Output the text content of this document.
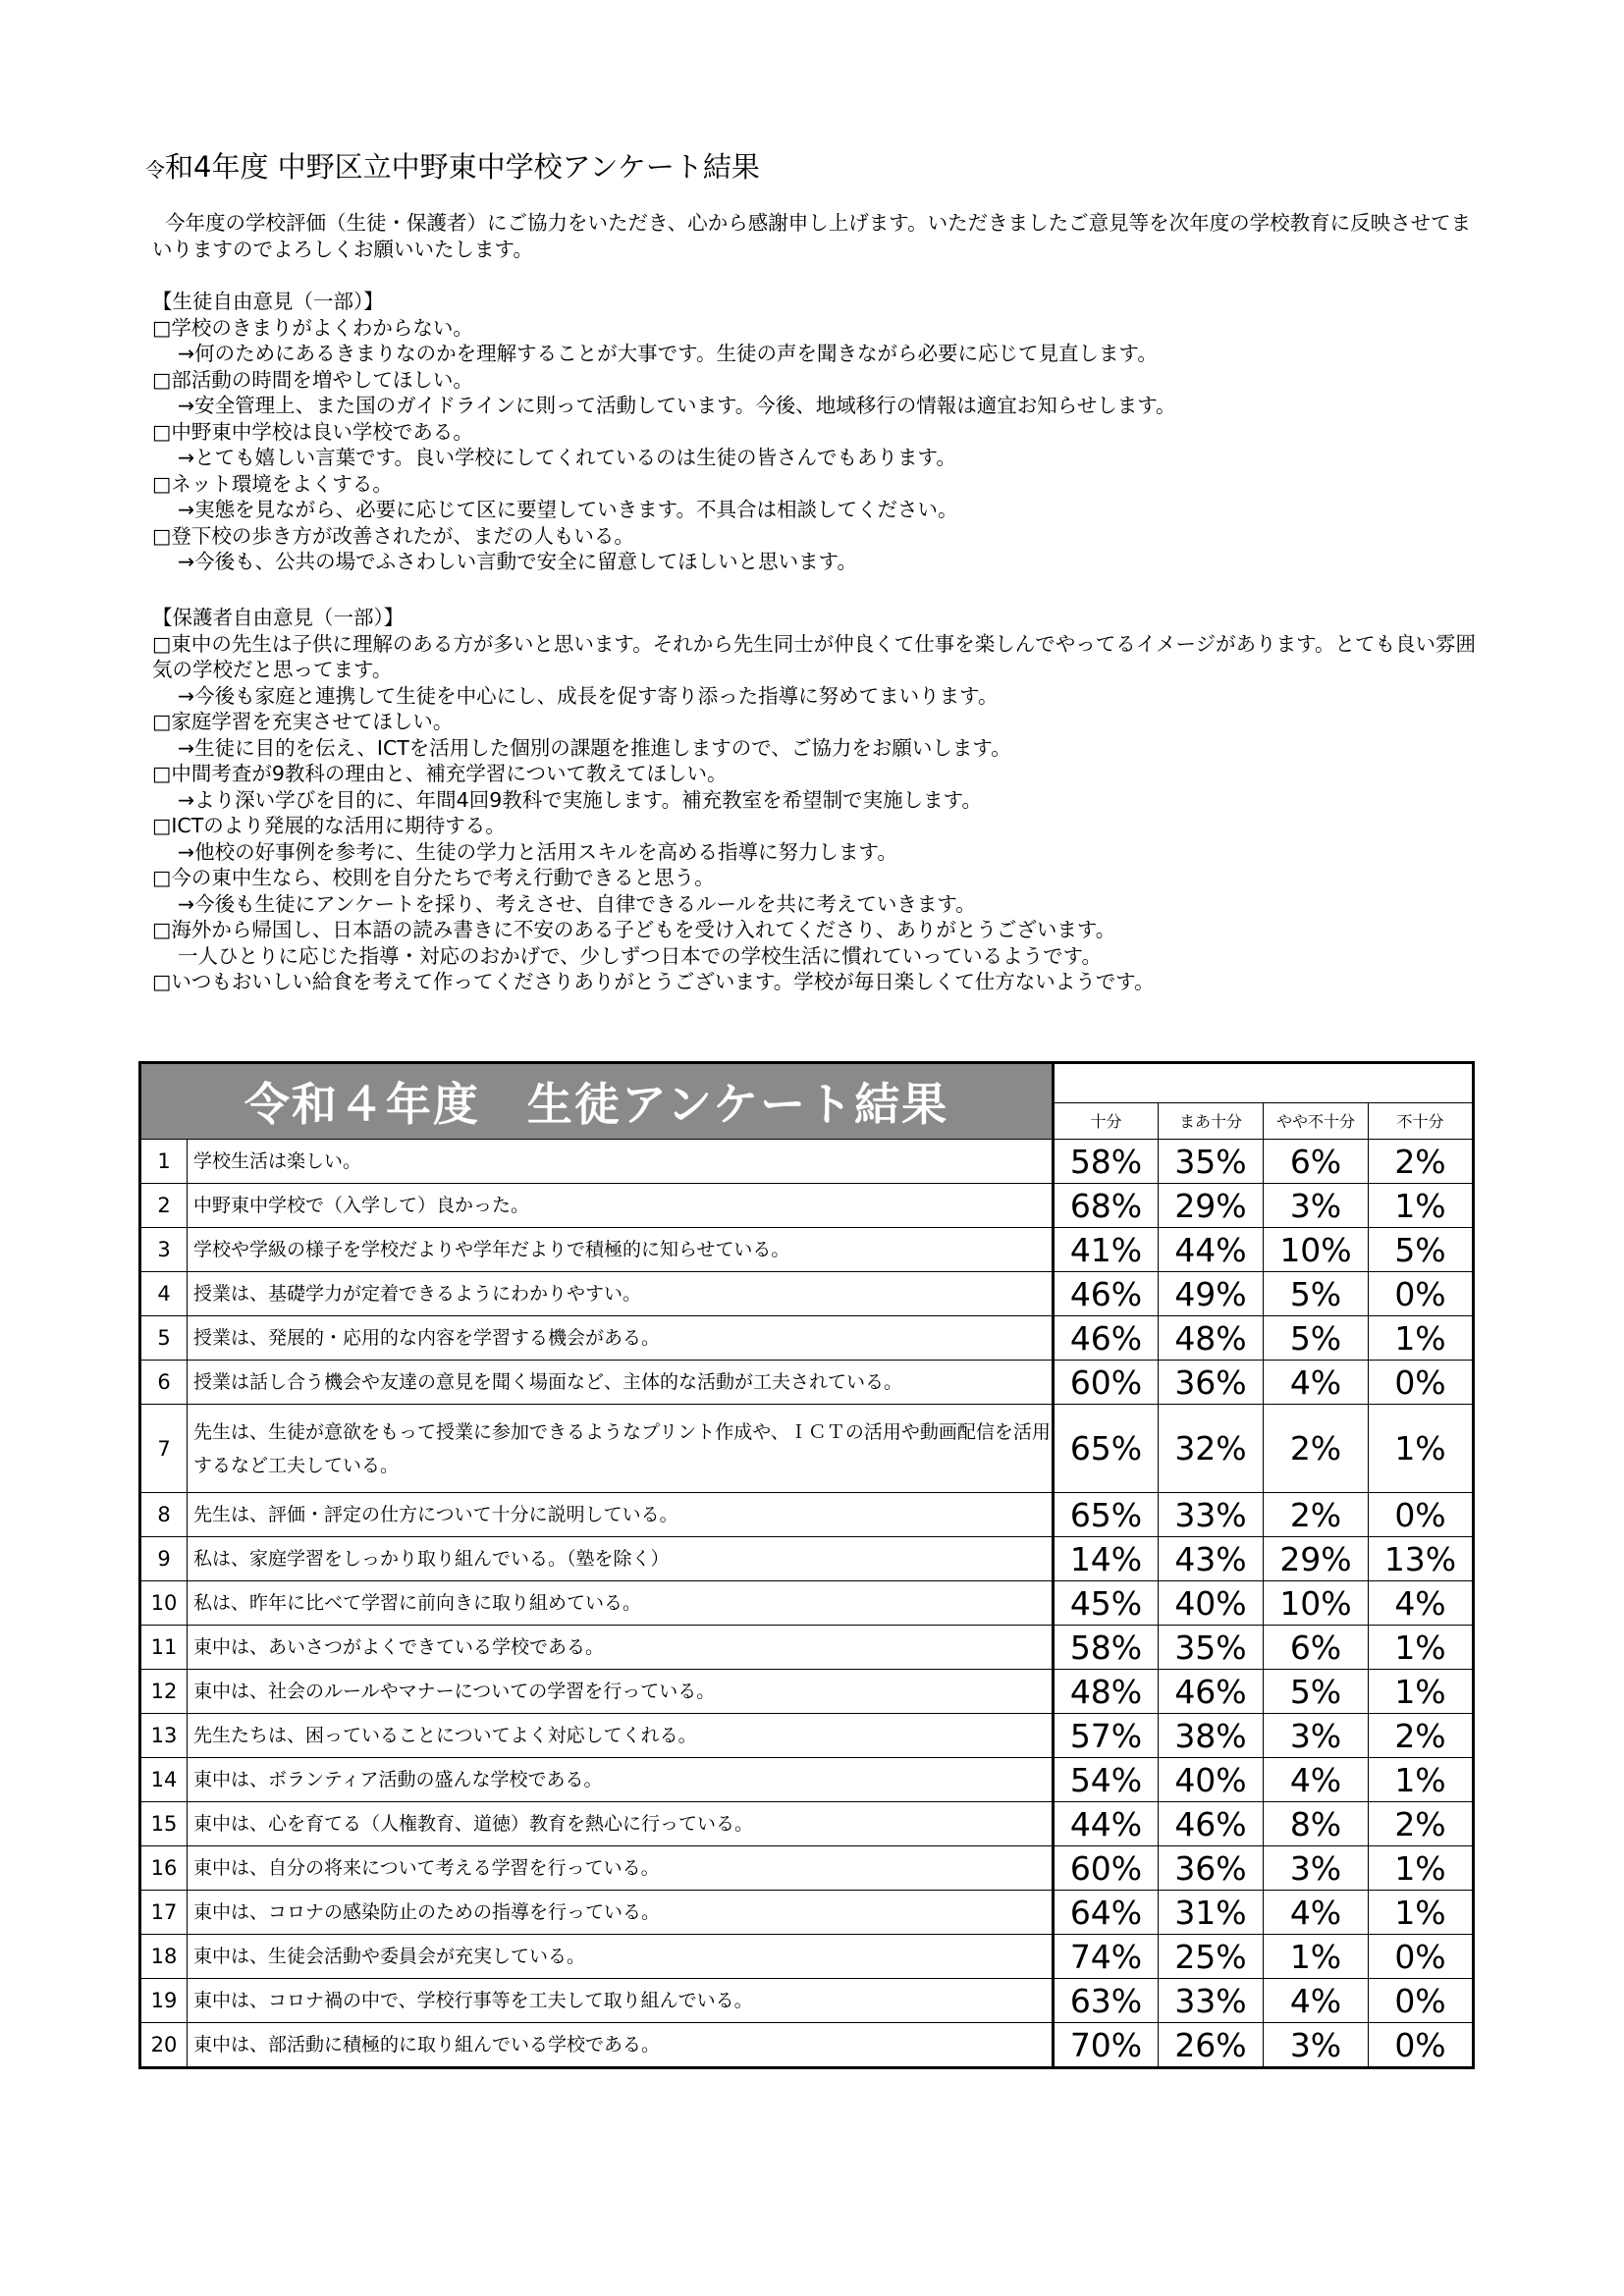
令和4年度 中野区立中野東中学校アンケート結果
今年度の学校評価（生徒・保護者）にご協力をいただき、心から感謝申し上げます。いただきましたご意見等を次年度の学校教育に反映させてまいりますのでよろしくお願いいたします。
【生徒自由意見（一部）】
□学校のきまりがよくわからない。
→何のためにあるきまりなのかを理解することが大事です。生徒の声を聞きながら必要に応じて見直します。
□部活動の時間を増やしてほしい。
→安全管理上、また国のガイドラインに則って活動しています。今後、地域移行の情報は適宜お知らせします。
□中野東中学校は良い学校である。
→とても嬉しい言葉です。良い学校にしてくれているのは生徒の皆さんでもあります。
□ネット環境をよくする。
→実態を見ながら、必要に応じて区に要望していきます。不具合は相談してください。
□登下校の歩き方が改善されたが、まだの人もいる。
→今後も、公共の場でふさわしい言動で安全に留意してほしいと思います。
【保護者自由意見（一部）】
□東中の先生は子供に理解のある方が多いと思います。それから先生同士が仲良くて仕事を楽しんでやってるイメージがあります。とても良い雰囲気の学校だと思ってます。
→今後も家庭と連携して生徒を中心にし、成長を促す寄り添った指導に努めてまいります。
□家庭学習を充実させてほしい。
→生徒に目的を伝え、ICTを活用した個別の課題を推進しますので、ご協力をお願いします。
□中間考査が9教科の理由と、補充学習について教えてほしい。
→より深い学びを目的に、年間4回9教科で実施します。補充教室を希望制で実施します。
□ICTのより発展的な活用に期待する。
→他校の好事例を参考に、生徒の学力と活用スキルを高める指導に努力します。
□今の東中生なら、校則を自分たちで考え行動できると思う。
→今後も生徒にアンケートを採り、考えさせ、自律できるルールを共に考えていきます。
□海外から帰国し、日本語の読み書きに不安のある子どもを受け入れてくださり、ありがとうございます。
一人ひとりに応じた指導・対応のおかげで、少しずつ日本での学校生活に慣れていっているようです。
□いつもおいしい給食を考えて作ってくださりありがとうございます。学校が毎日楽しくて仕方ないようです。
令和４年度　生徒アンケート結果					
		十分	まあ十分	やや不十分	不十分
1	学校生活は楽しい。	58%	35%	6%	2%
2	中野東中学校で（入学して）良かった。	68%	29%	3%	1%
3	学校や学級の様子を学校だよりや学年だよりで積極的に知らせている。	41%	44%	10%	5%
4	授業は、基礎学力が定着できるようにわかりやすい。	46%	49%	5%	0%
5	授業は、発展的・応用的な内容を学習する機会がある。	46%	48%	5%	1%
6	授業は話し合う機会や友達の意見を聞く場面など、主体的な活動が工夫されている。	60%	36%	4%	0%
7	先生は、生徒が意欲をもって授業に参加できるようなプリント作成や、ＩＣＴの活用や動画配信を活用するなど工夫している。	65%	32%	2%	1%
8	先生は、評価・評定の仕方について十分に説明している。	65%	33%	2%	0%
9	私は、家庭学習をしっかり取り組んでいる。（塾を除く）	14%	43%	29%	13%
10	私は、昨年に比べて学習に前向きに取り組めている。	45%	40%	10%	4%
11	東中は、あいさつがよくできている学校である。	58%	35%	6%	1%
12	東中は、社会のルールやマナーについての学習を行っている。	48%	46%	5%	1%
13	先生たちは、困っていることについてよく対応してくれる。	57%	38%	3%	2%
14	東中は、ボランティア活動の盛んな学校である。	54%	40%	4%	1%
15	東中は、心を育てる（人権教育、道徳）教育を熱心に行っている。	44%	46%	8%	2%
16	東中は、自分の将来について考える学習を行っている。	60%	36%	3%	1%
17	東中は、コロナの感染防止のための指導を行っている。	64%	31%	4%	1%
18	東中は、生徒会活動や委員会が充実している。	74%	25%	1%	0%
19	東中は、コロナ禍の中で、学校行事等を工夫して取り組んでいる。	63%	33%	4%	0%
20	東中は、部活動に積極的に取り組んでいる学校である。	70%	26%	3%	0%
